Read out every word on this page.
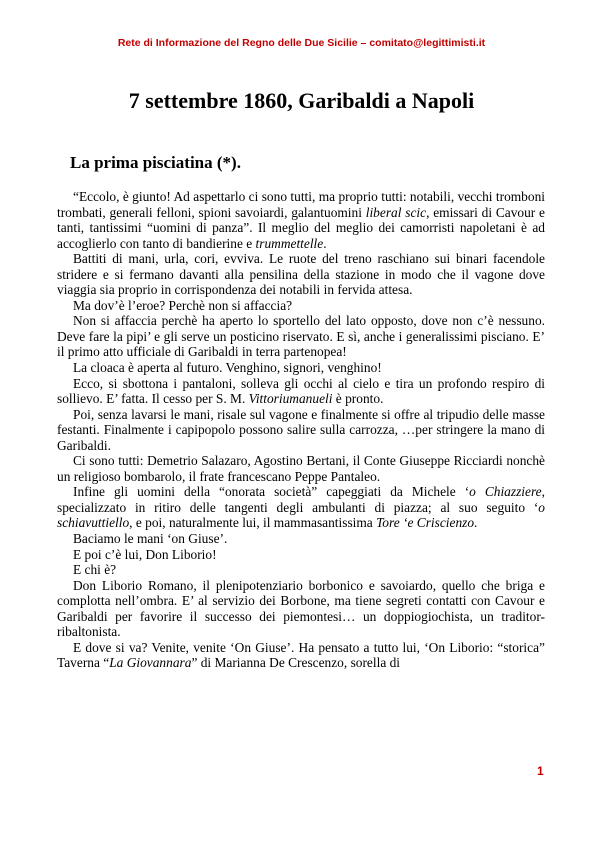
Rete di Informazione del Regno delle Due Sicilie – comitato@legittimisti.it
7 settembre 1860, Garibaldi a Napoli
La prima pisciatina (*).

“Eccolo, è giunto! Ad aspettarlo ci sono tutti, ma proprio tutti: notabili, vecchi tromboni trombati, generali felloni, spioni savoiardi, galantuomini liberal scic, emissari di Cavour e tanti, tantissimi “uomini di panza”. Il meglio del meglio dei camorristi napoletani è ad accoglierlo con tanto di bandierine e trummettelle.

Battiti di mani, urla, cori, evviva. Le ruote del treno raschiano sui binari facendole stridere e si fermano davanti alla pensilina della stazione in modo che il vagone dove viaggia sia proprio in corrispondenza dei notabili in fervida attesa.

Ma dov’è l’eroe? Perchè non si affaccia?

Non si affaccia perchè ha aperto lo sportello del lato opposto, dove non c’è nessuno. Deve fare la pipi’ e gli serve un posticino riservato. E sì, anche i generalissimi pisciano. E’ il primo atto ufficiale di Garibaldi in terra partenopea!

La cloaca è aperta al futuro. Venghino, signori, venghino!

Ecco, si sbottona i pantaloni, solleva gli occhi al cielo e tira un profondo respiro di sollievo. E’ fatta. Il cesso per S. M. Vittoriumanueli è pronto.

Poi, senza lavarsi le mani, risale sul vagone e finalmente si offre al tripudio delle masse festanti. Finalmente i capipopolo possono salire sulla carrozza, …per stringere la mano di Garibaldi.

Ci sono tutti: Demetrio Salazaro, Agostino Bertani, il Conte Giuseppe Ricciardi nonchè un religioso bombarolo, il frate francescano Peppe Pantaleo.

Infine gli uomini della “onorata società” capeggiati da Michele ‘o Chiazziere, specializzato in ritiro delle tangenti degli ambulanti di piazza; al suo seguito ‘o schiavuttiello, e poi, naturalmente lui, il mammasantissima Tore ‘e Criscienzo.

Baciamo le mani ‘on Giuse’.

E poi c’è lui, Don Liborio!

E chi è?

Don Liborio Romano, il plenipotenziario borbonico e savoiardo, quello che briga e complotta nell’ombra. E’ al servizio dei Borbone, ma tiene segreti contatti con Cavour e Garibaldi per favorire il successo dei piemontesi… un doppiogiochista, un traditor-ribaltonista.

E dove si va? Venite, venite ‘On Giuse’. Ha pensato a tutto lui, ‘On Liborio: “storica” Taverna “La Giovannara” di Marianna De Crescenzo, sorella di

1
